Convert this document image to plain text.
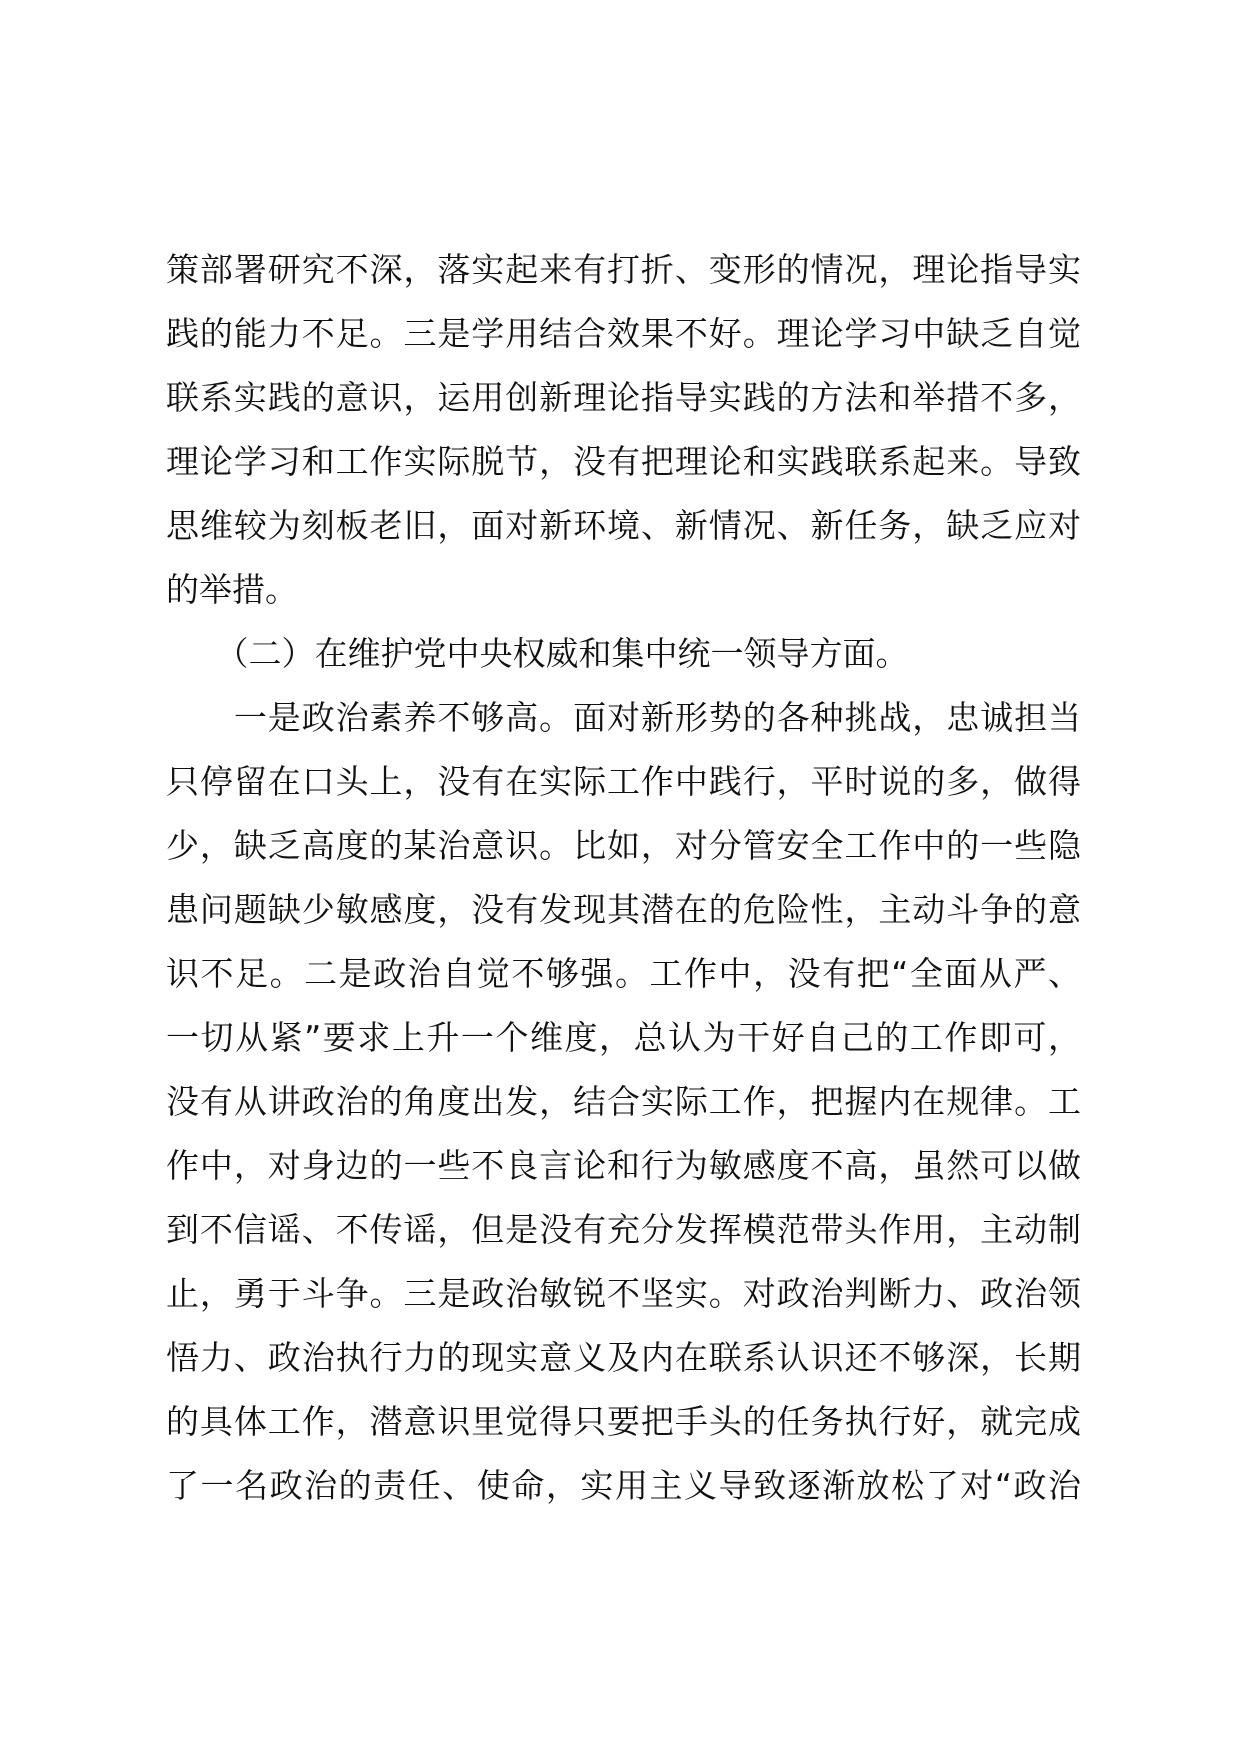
策部署研究不深，落实起来有打折、变形的情况，理论指导实
践的能力不足。三是学用结合效果不好。理论学习中缺乏自觉
联系实践的意识，运用创新理论指导实践的方法和举措不多，
理论学习和工作实际脱节，没有把理论和实践联系起来。导致
思维较为刻板老旧，面对新环境、新情况、新任务，缺乏应对
的举措。
　　（二）在维护党中央权威和集中统一领导方面。
　　一是政治素养不够高。面对新形势的各种挑战，忠诚担当
只停留在口头上，没有在实际工作中践行，平时说的多，做得
少，缺乏高度的某治意识。比如，对分管安全工作中的一些隐
患问题缺少敏感度，没有发现其潜在的危险性，主动斗争的意
识不足。二是政治自觉不够强。工作中，没有把“全面从严、
一切从紧”要求上升一个维度，总认为干好自己的工作即可，
没有从讲政治的角度出发，结合实际工作，把握内在规律。工
作中，对身边的一些不良言论和行为敏感度不高，虽然可以做
到不信谣、不传谣，但是没有充分发挥模范带头作用，主动制
止，勇于斗争。三是政治敏锐不坚实。对政治判断力、政治领
悟力、政治执行力的现实意义及内在联系认识还不够深，长期
的具体工作，潜意识里觉得只要把手头的任务执行好，就完成
了一名政治的责任、使命，实用主义导致逐渐放松了对“政治
